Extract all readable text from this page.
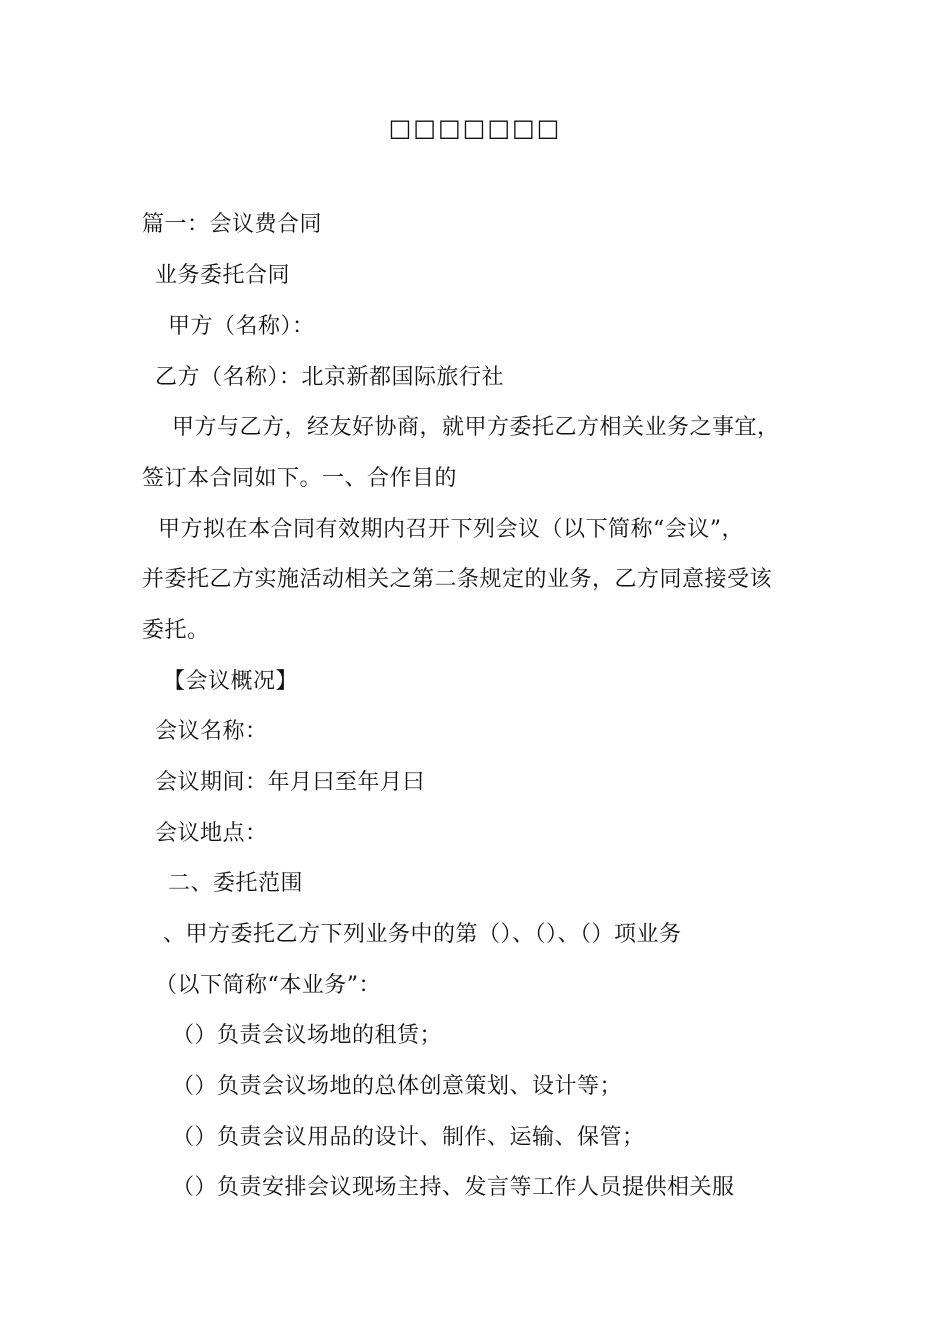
□□□□□□□
篇一：会议费合同
业务委托合同
甲方（名称）：
乙方（名称）：北京新都国际旅行社
甲方与乙方，经友好协商，就甲方委托乙方相关业务之事宜，
签订本合同如下。一、合作目的
甲方拟在本合同有效期内召开下列会议（以下简称“会议”，
并委托乙方实施活动相关之第二条规定的业务，乙方同意接受该
委托。
【会议概况】
会议名称：
会议期间：年月曰至年月曰
会议地点：
二、委托范围
、甲方委托乙方下列业务中的第（）、（）、（）项业务
（以下简称“本业务”：
（）负责会议场地的租赁；
（）负责会议场地的总体创意策划、设计等；
（）负责会议用品的设计、制作、运输、保管；
（）负责安排会议现场主持、发言等工作人员提供相关服
